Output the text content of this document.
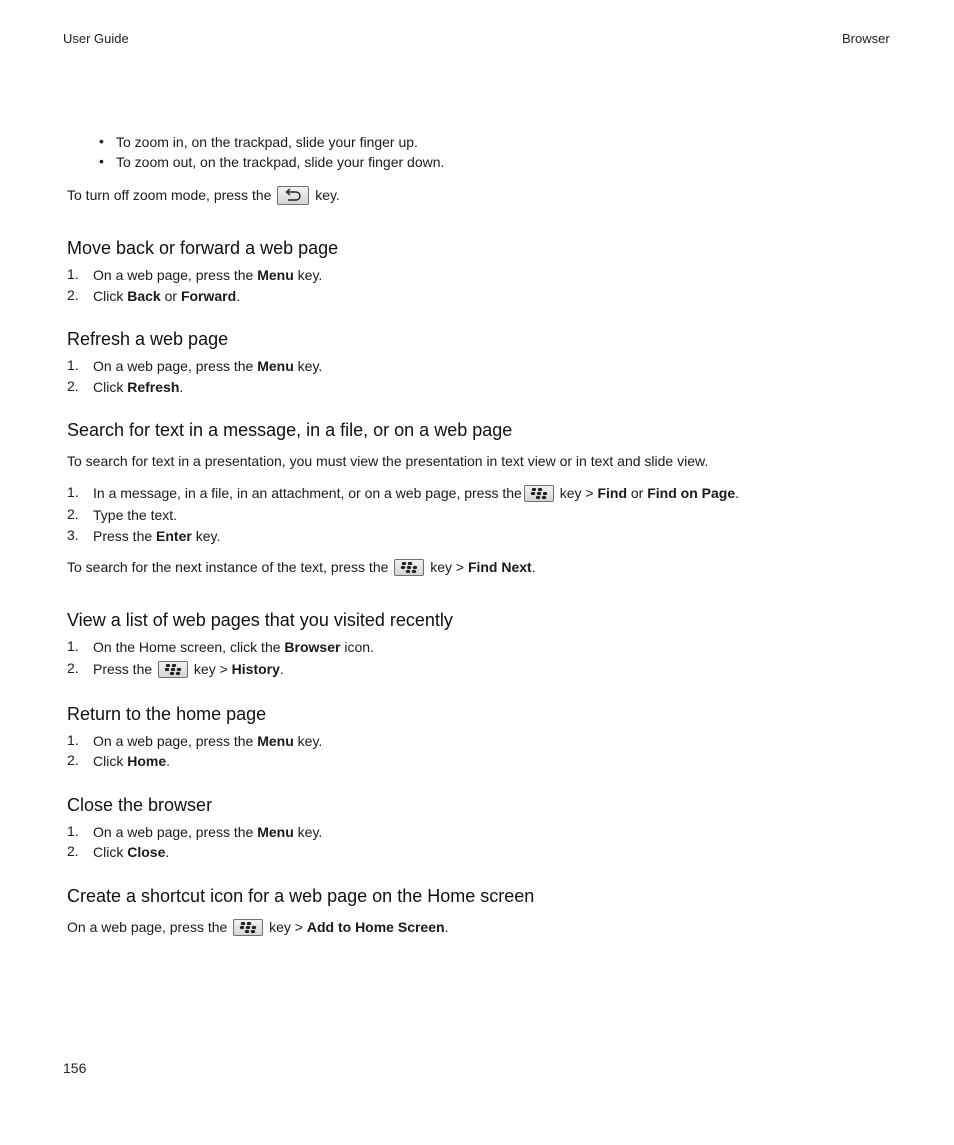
User Guide	Browser
• To zoom in, on the trackpad, slide your finger up.
• To zoom out, on the trackpad, slide your finger down.
To turn off zoom mode, press the	key.
Move back or forward a web page
1. On a web page, press the Menu key.
2. Click Back or Forward.
Refresh a web page
1. On a web page, press the Menu key.
2. Click Refresh.
Search for text in a message, in a file, or on a web page
To search for text in a presentation, you must view the presentation in text view or in text and slide view.
1. In a message, in a file, in an attachment, or on a web page, press the	key > Find or Find on Page.
2. Type the text.
3. Press the Enter key.
To search for the next instance of the text, press the	key > Find Next.
View a list of web pages that you visited recently
1. On the Home screen, click the Browser icon.
2. Press the	key > History.
Return to the home page
1. On a web page, press the Menu key.
2. Click Home.
Close the browser
1. On a web page, press the Menu key.
2. Click Close.
Create a shortcut icon for a web page on the Home screen
On a web page, press the	key > Add to Home Screen.
156
